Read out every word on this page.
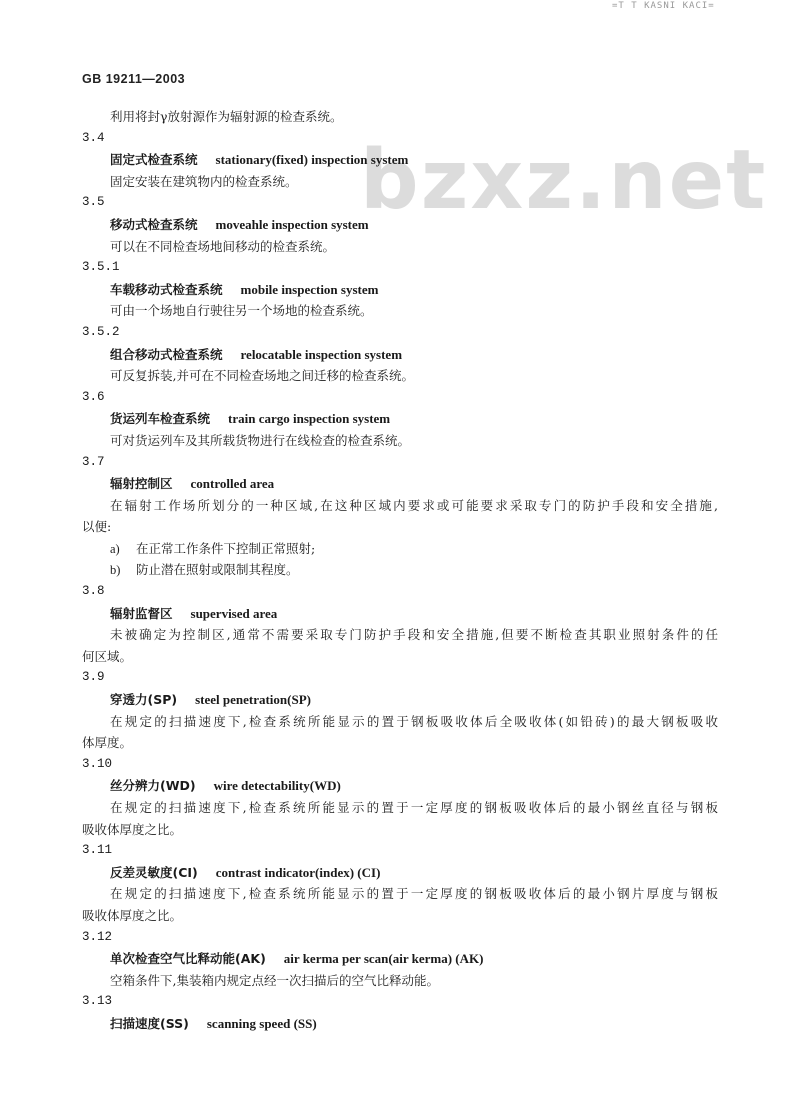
=T T KASNI KACI=
GB 19211—2003
bzxz.net
利用将封γ放射源作为辐射源的检查系统。
3.4
固定式检查系统 stationary(fixed) inspection system
固定安装在建筑物内的检查系统。
3.5
移动式检查系统 moveahle inspection system
可以在不同检查场地间移动的检查系统。
3.5.1
车载移动式检查系统 mobile inspection system
可由一个场地自行驶往另一个场地的检查系统。
3.5.2
组合移动式检查系统 relocatable inspection system
可反复拆装,并可在不同检查场地之间迁移的检查系统。
3.6
货运列车检查系统 train cargo inspection system
可对货运列车及其所载货物进行在线检查的检查系统。
3.7
辐射控制区 controlled area
在辐射工作场所划分的一种区域,在这种区域内要求或可能要求采取专门的防护手段和安全措施,
以便:
a) 在正常工作条件下控制正常照射;
b) 防止潜在照射或限制其程度。
3.8
辐射监督区 supervised area
未被确定为控制区,通常不需要采取专门防护手段和安全措施,但要不断检查其职业照射条件的任
何区域。
3.9
穿透力(SP) steel penetration(SP)
在规定的扫描速度下,检查系统所能显示的置于钢板吸收体后全吸收体(如铅砖)的最大钢板吸收
体厚度。
3.10
丝分辨力(WD) wire detectability(WD)
在规定的扫描速度下,检查系统所能显示的置于一定厚度的钢板吸收体后的最小钢丝直径与钢板
吸收体厚度之比。
3.11
反差灵敏度(CI) contrast indicator(index) (CI)
在规定的扫描速度下,检查系统所能显示的置于一定厚度的钢板吸收体后的最小钢片厚度与钢板
吸收体厚度之比。
3.12
单次检查空气比释动能(AK) air kerma per scan(air kerma) (AK)
空箱条件下,集装箱内规定点经一次扫描后的空气比释动能。
3.13
扫描速度(SS) scanning speed (SS)
